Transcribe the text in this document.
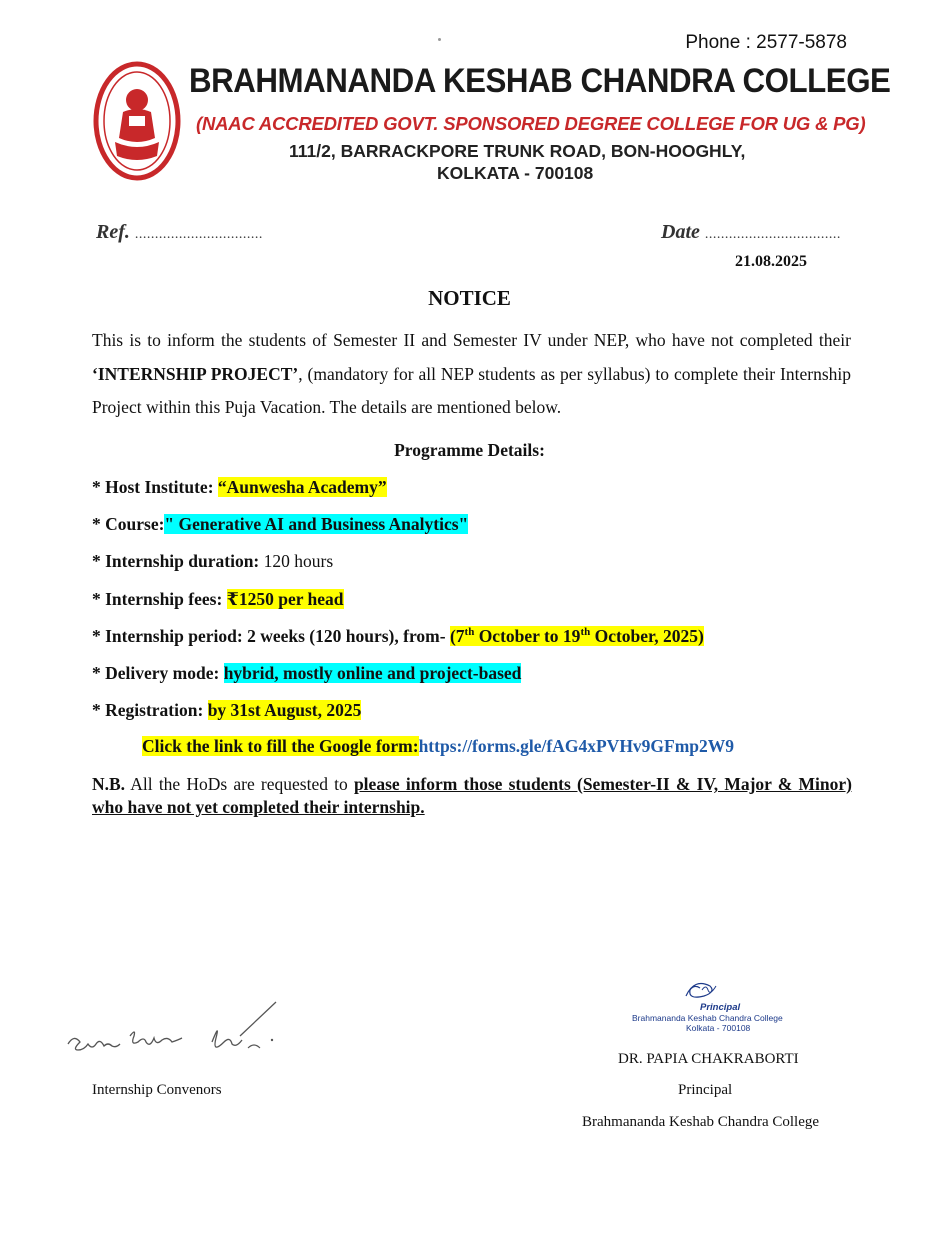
Phone : 2577-5878
BRAHMANANDA KESHAB CHANDRA COLLEGE
(NAAC ACCREDITED GOVT. SPONSORED DEGREE COLLEGE FOR UG & PG)
111/2, BARRACKPORE TRUNK ROAD, BON-HOOGHLY,
KOLKATA - 700108
Ref. ................................	Date ..................................
21.08.2025
NOTICE
This is to inform the students of Semester II and Semester IV under NEP, who have not completed their ‘INTERNSHIP PROJECT’, (mandatory for all NEP students as per syllabus) to complete their Internship Project within this Puja Vacation. The details are mentioned below.
Programme Details:
* Host Institute: “Aunwesha Academy”
* Course:" Generative AI and Business Analytics"
* Internship duration: 120 hours
* Internship fees: ₹1250 per head
* Internship period: 2 weeks (120 hours), from- (7th October to 19th October, 2025)
* Delivery mode: hybrid, mostly online and project-based
* Registration: by 31st August, 2025
Click the link to fill the Google form:https://forms.gle/fAG4xPVHv9GFmp2W9
N.B. All the HoDs are requested to please inform those students (Semester-II & IV, Major & Minor) who have not yet completed their internship.
Internship Convenors
Principal
Brahmananda Keshab Chandra College
Kolkata - 700108
DR. PAPIA CHAKRABORTI
Principal
Brahmananda Keshab Chandra College
